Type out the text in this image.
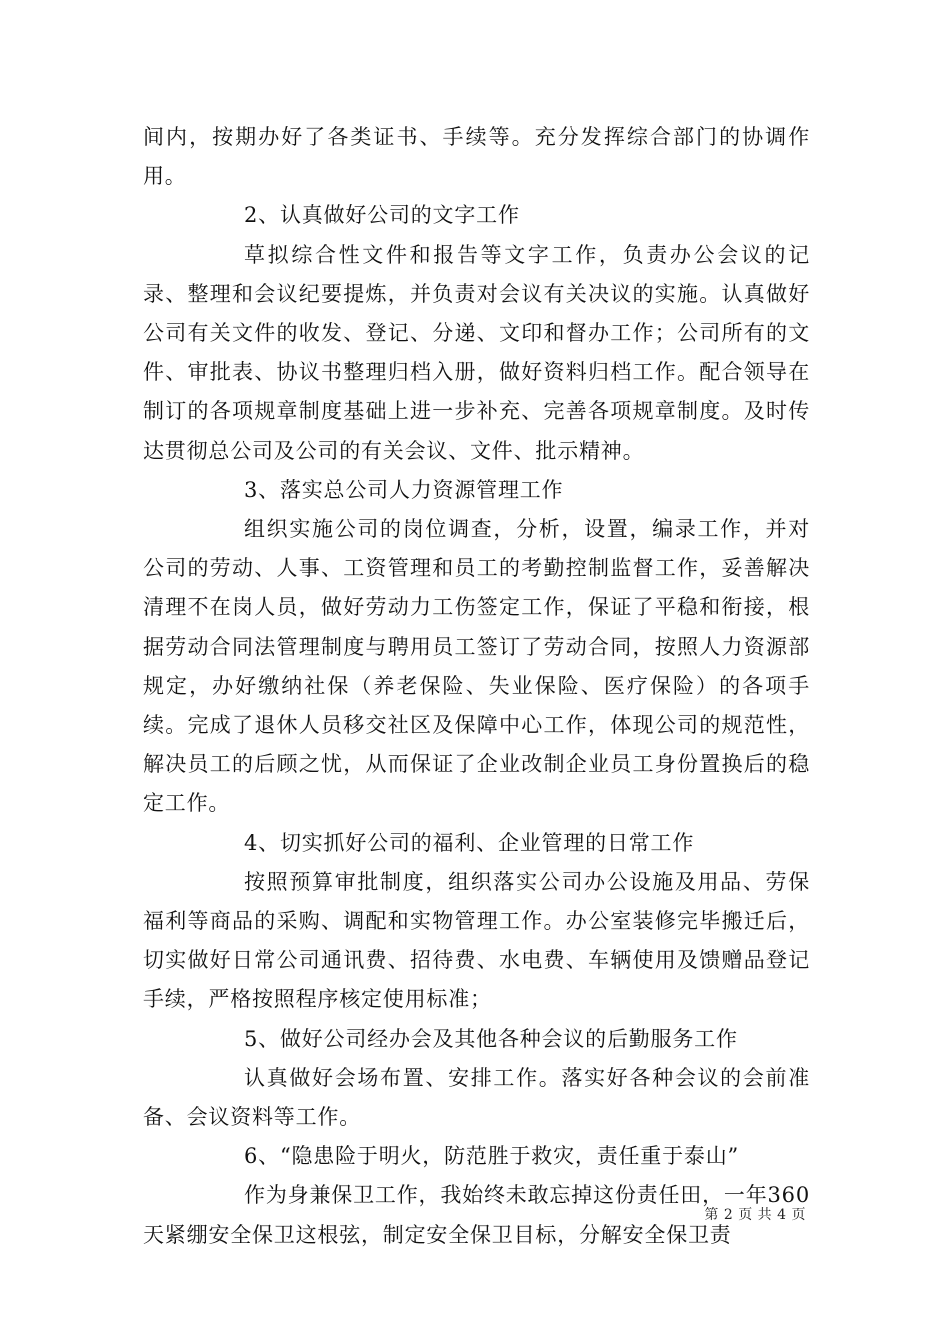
间内，按期办好了各类证书、手续等。充分发挥综合部门的协调作用。

2、认真做好公司的文字工作

草拟综合性文件和报告等文字工作，负责办公会议的记录、整理和会议纪要提炼，并负责对会议有关决议的实施。认真做好公司有关文件的收发、登记、分递、文印和督办工作；公司所有的文件、审批表、协议书整理归档入册，做好资料归档工作。配合领导在制订的各项规章制度基础上进一步补充、完善各项规章制度。及时传达贯彻总公司及公司的有关会议、文件、批示精神。

3、落实总公司人力资源管理工作

组织实施公司的岗位调查，分析，设置，编录工作，并对公司的劳动、人事、工资管理和员工的考勤控制监督工作，妥善解决清理不在岗人员，做好劳动力工伤签定工作，保证了平稳和衔接，根据劳动合同法管理制度与聘用员工签订了劳动合同，按照人力资源部规定，办好缴纳社保（养老保险、失业保险、医疗保险）的各项手续。完成了退休人员移交社区及保障中心工作，体现公司的规范性，解决员工的后顾之忧，从而保证了企业改制企业员工身份置换后的稳定工作。

4、切实抓好公司的福利、企业管理的日常工作

按照预算审批制度，组织落实公司办公设施及用品、劳保福利等商品的采购、调配和实物管理工作。办公室装修完毕搬迁后，切实做好日常公司通讯费、招待费、水电费、车辆使用及馈赠品登记手续，严格按照程序核定使用标准；

5、做好公司经办会及其他各种会议的后勤服务工作

认真做好会场布置、安排工作。落实好各种会议的会前准备、会议资料等工作。

6、“隐患险于明火，防范胜于救灾，责任重于泰山”

作为身兼保卫工作，我始终未敢忘掉这份责任田，一年360天紧绷安全保卫这根弦，制定安全保卫目标，分解安全保卫责

第 2 页 共 4 页
